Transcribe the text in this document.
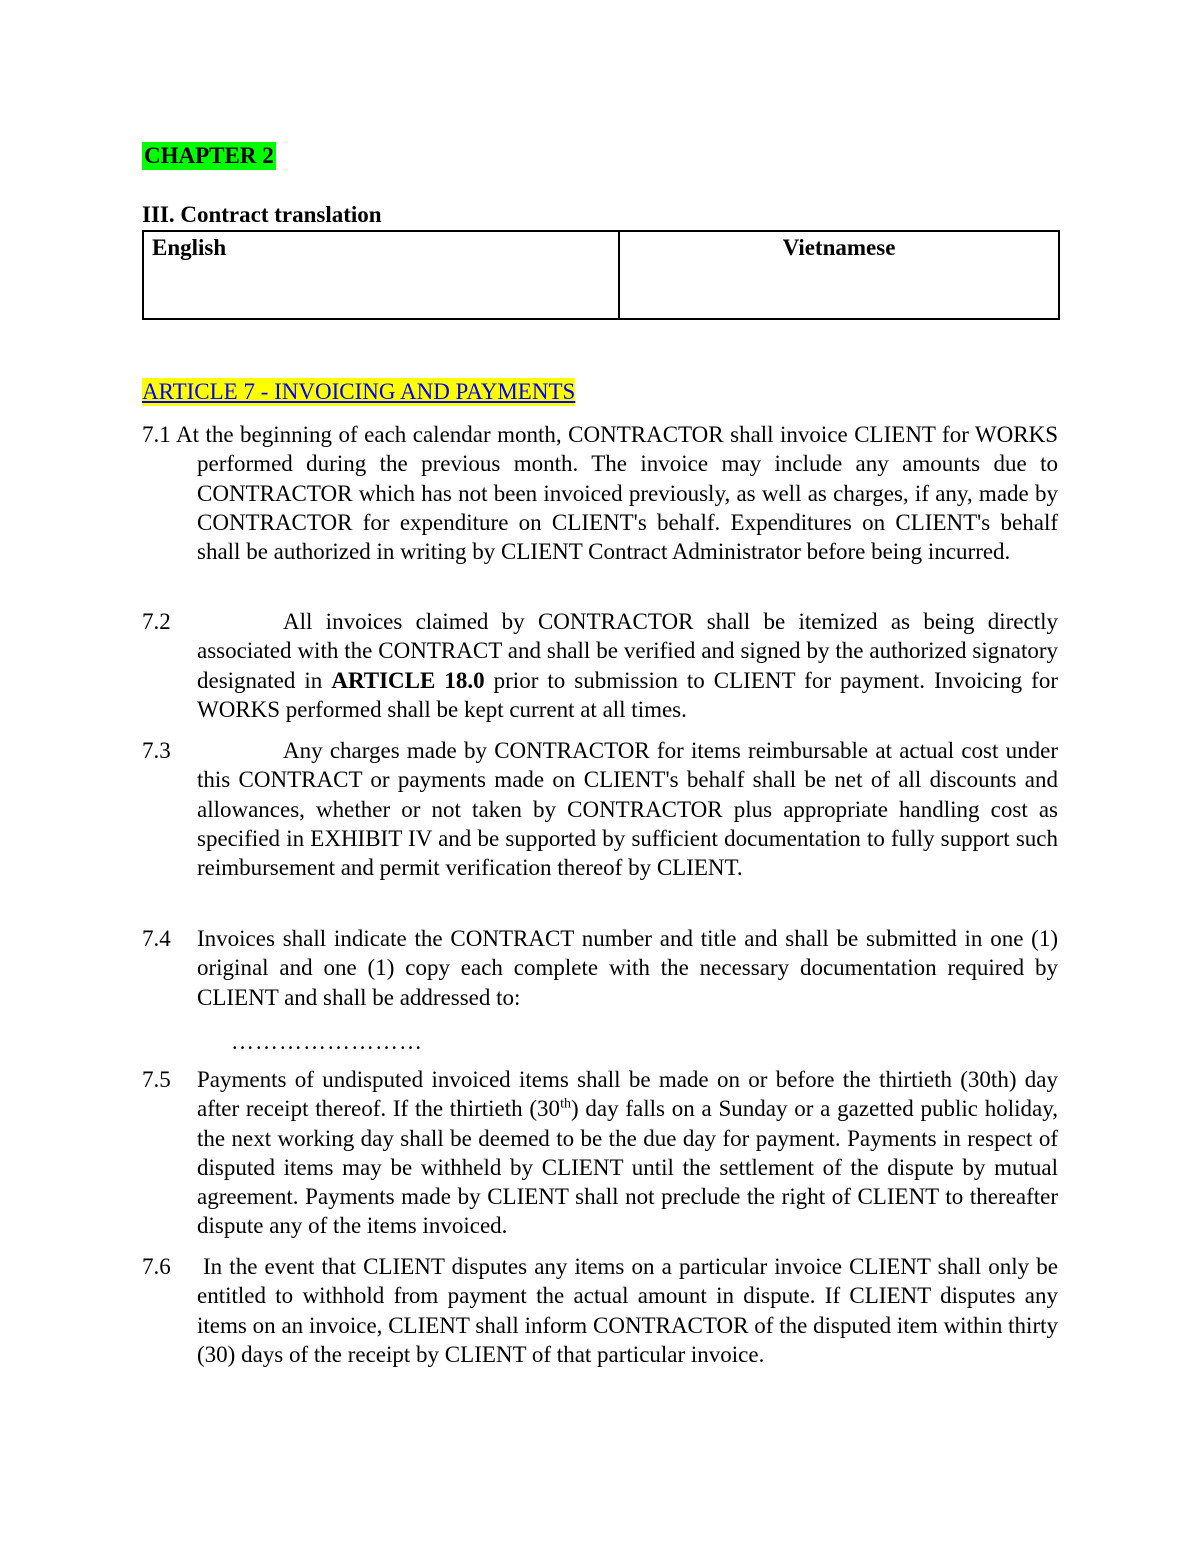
CHAPTER 2
III. Contract translation
English	Vietnamese
ARTICLE 7 - INVOICING AND PAYMENTS
7.1 At the beginning of each calendar month, CONTRACTOR shall invoice CLIENT for WORKS performed during the previous month. The invoice may include any amounts due to CONTRACTOR which has not been invoiced previously, as well as charges, if any, made by CONTRACTOR for expenditure on CLIENT's behalf. Expenditures on CLIENT's behalf shall be authorized in writing by CLIENT Contract Administrator before being incurred.
7.2	All invoices claimed by CONTRACTOR shall be itemized as being directly associated with the CONTRACT and shall be verified and signed by the authorized signatory designated in ARTICLE 18.0 prior to submission to CLIENT for payment. Invoicing for WORKS performed shall be kept current at all times.
7.3	Any charges made by CONTRACTOR for items reimbursable at actual cost under this CONTRACT or payments made on CLIENT's behalf shall be net of all discounts and allowances, whether or not taken by CONTRACTOR plus appropriate handling cost as specified in EXHIBIT IV and be supported by sufficient documentation to fully support such reimbursement and permit verification thereof by CLIENT.
7.4 Invoices shall indicate the CONTRACT number and title and shall be submitted in one (1) original and one (1) copy each complete with the necessary documentation required by CLIENT and shall be addressed to:
……………………
7.5 Payments of undisputed invoiced items shall be made on or before the thirtieth (30th) day after receipt thereof. If the thirtieth (30th) day falls on a Sunday or a gazetted public holiday, the next working day shall be deemed to be the due day for payment. Payments in respect of disputed items may be withheld by CLIENT until the settlement of the dispute by mutual agreement. Payments made by CLIENT shall not preclude the right of CLIENT to thereafter dispute any of the items invoiced.
7.6 In the event that CLIENT disputes any items on a particular invoice CLIENT shall only be entitled to withhold from payment the actual amount in dispute. If CLIENT disputes any items on an invoice, CLIENT shall inform CONTRACTOR of the disputed item within thirty (30) days of the receipt by CLIENT of that particular invoice.
